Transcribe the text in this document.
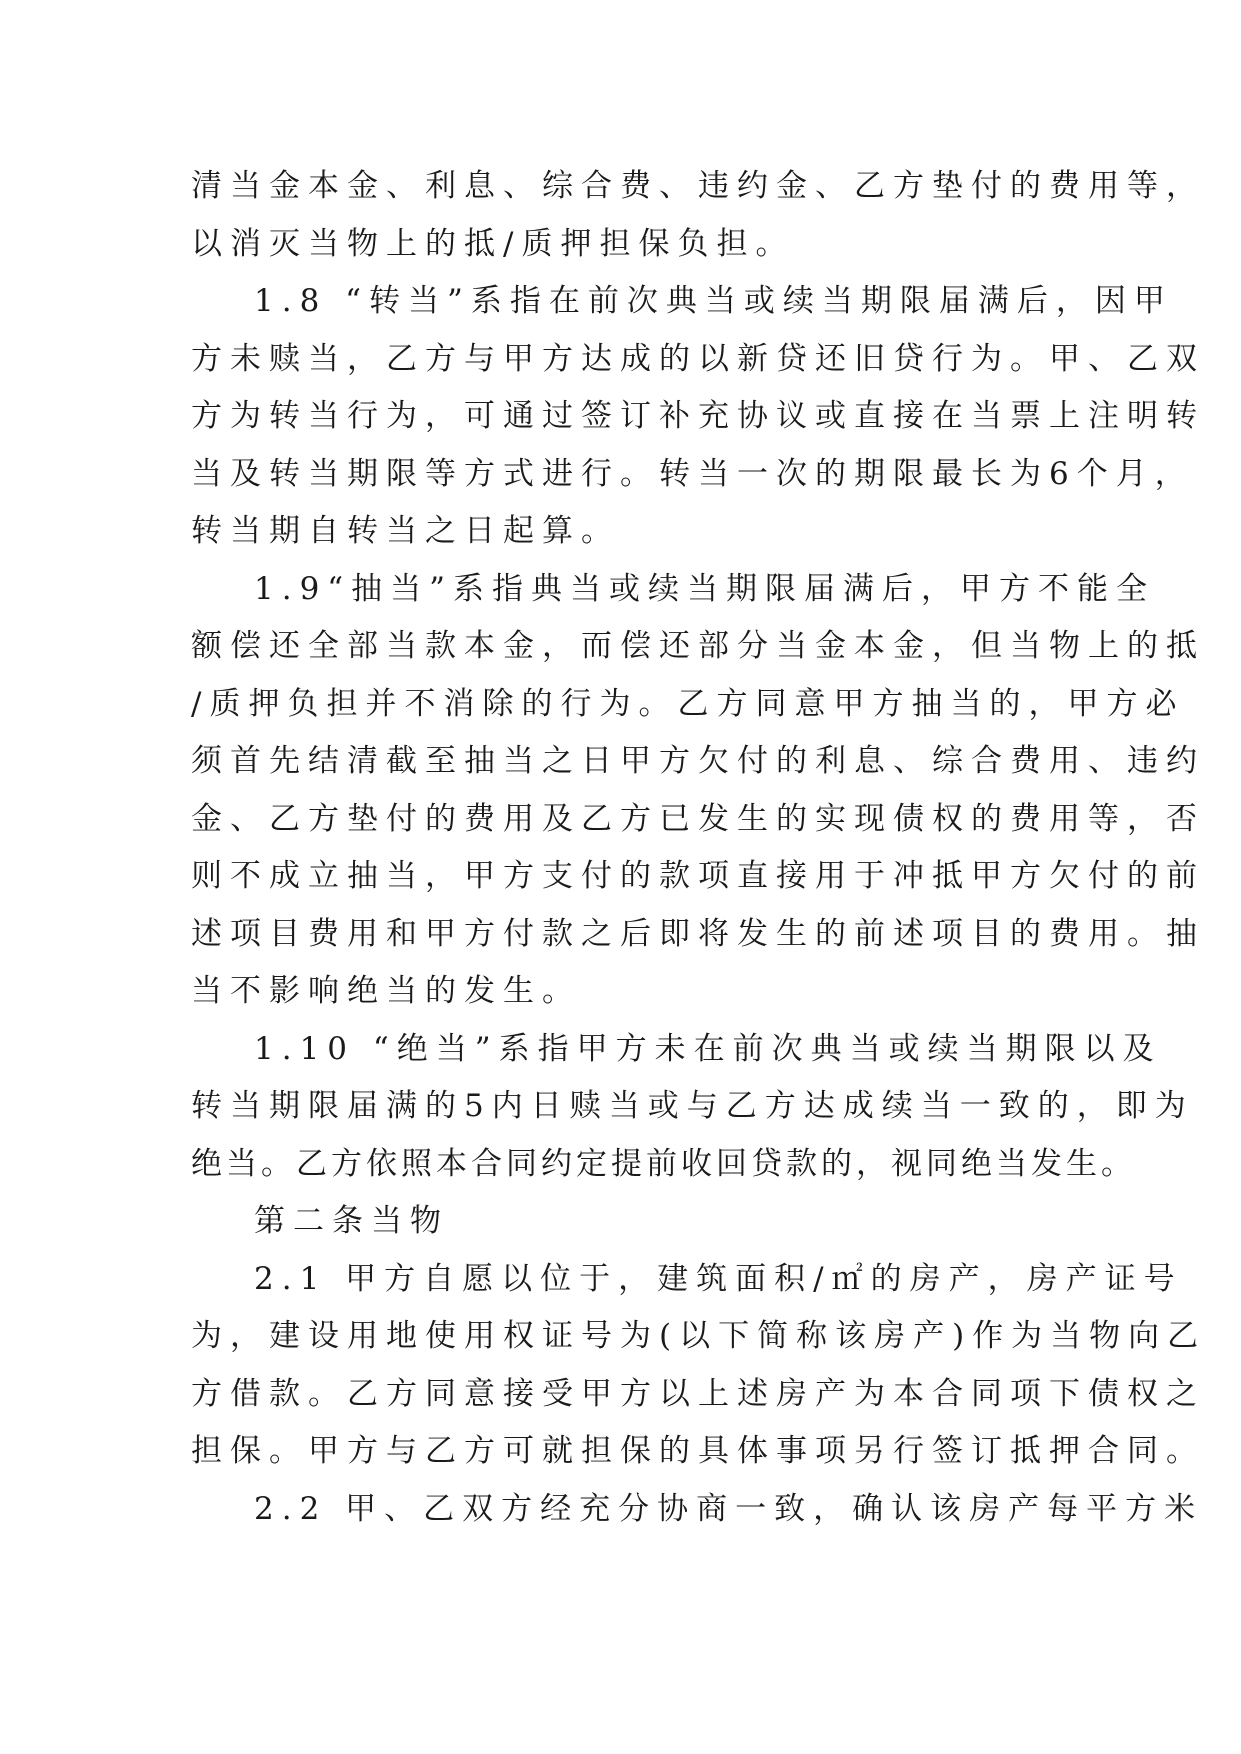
清当金本金、利息、综合费、违约金、乙方垫付的费用等，
以消灭当物上的抵/质押担保负担。
1.8 “转当”系指在前次典当或续当期限届满后，因甲
方未赎当，乙方与甲方达成的以新贷还旧贷行为。甲、乙双
方为转当行为，可通过签订补充协议或直接在当票上注明转
当及转当期限等方式进行。转当一次的期限最长为6个月，
转当期自转当之日起算。
1.9“抽当”系指典当或续当期限届满后，甲方不能全
额偿还全部当款本金，而偿还部分当金本金，但当物上的抵
/质押负担并不消除的行为。乙方同意甲方抽当的，甲方必
须首先结清截至抽当之日甲方欠付的利息、综合费用、违约
金、乙方垫付的费用及乙方已发生的实现债权的费用等，否
则不成立抽当，甲方支付的款项直接用于冲抵甲方欠付的前
述项目费用和甲方付款之后即将发生的前述项目的费用。抽
当不影响绝当的发生。
1.10 “绝当”系指甲方未在前次典当或续当期限以及
转当期限届满的5内日赎当或与乙方达成续当一致的，即为
绝当。乙方依照本合同约定提前收回贷款的，视同绝当发生。
第二条当物
2.1 甲方自愿以位于，建筑面积/㎡的房产，房产证号
为，建设用地使用权证号为(以下简称该房产)作为当物向乙
方借款。乙方同意接受甲方以上述房产为本合同项下债权之
担保。甲方与乙方可就担保的具体事项另行签订抵押合同。
2.2 甲、乙双方经充分协商一致，确认该房产每平方米
